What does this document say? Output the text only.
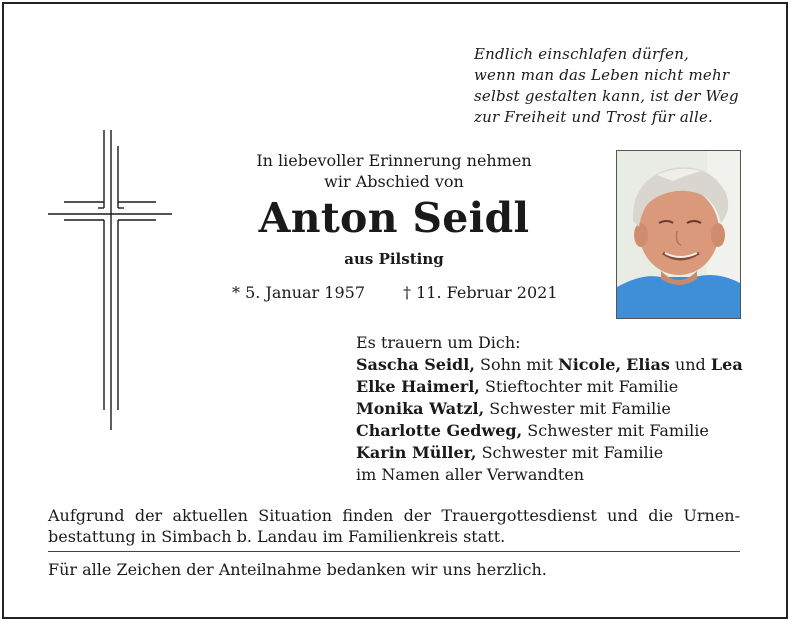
Endlich einschlafen dürfen,
wenn man das Leben nicht mehr
selbst gestalten kann, ist der Weg
zur Freiheit und Trost für alle.
In liebevoller Erinnerung nehmen
wir Abschied von
Anton Seidl
aus Pilsting
* 5. Januar 1957 † 11. Februar 2021
Es trauern um Dich:
Sascha Seidl, Sohn mit Nicole, Elias und Lea
Elke Haimerl, Stieftochter mit Familie
Monika Watzl, Schwester mit Familie
Charlotte Gedweg, Schwester mit Familie
Karin Müller, Schwester mit Familie
im Namen aller Verwandten
Aufgrund der aktuellen Situation finden der Trauergottesdienst und die Urnen-
bestattung in Simbach b. Landau im Familienkreis statt.
Für alle Zeichen der Anteilnahme bedanken wir uns herzlich.
